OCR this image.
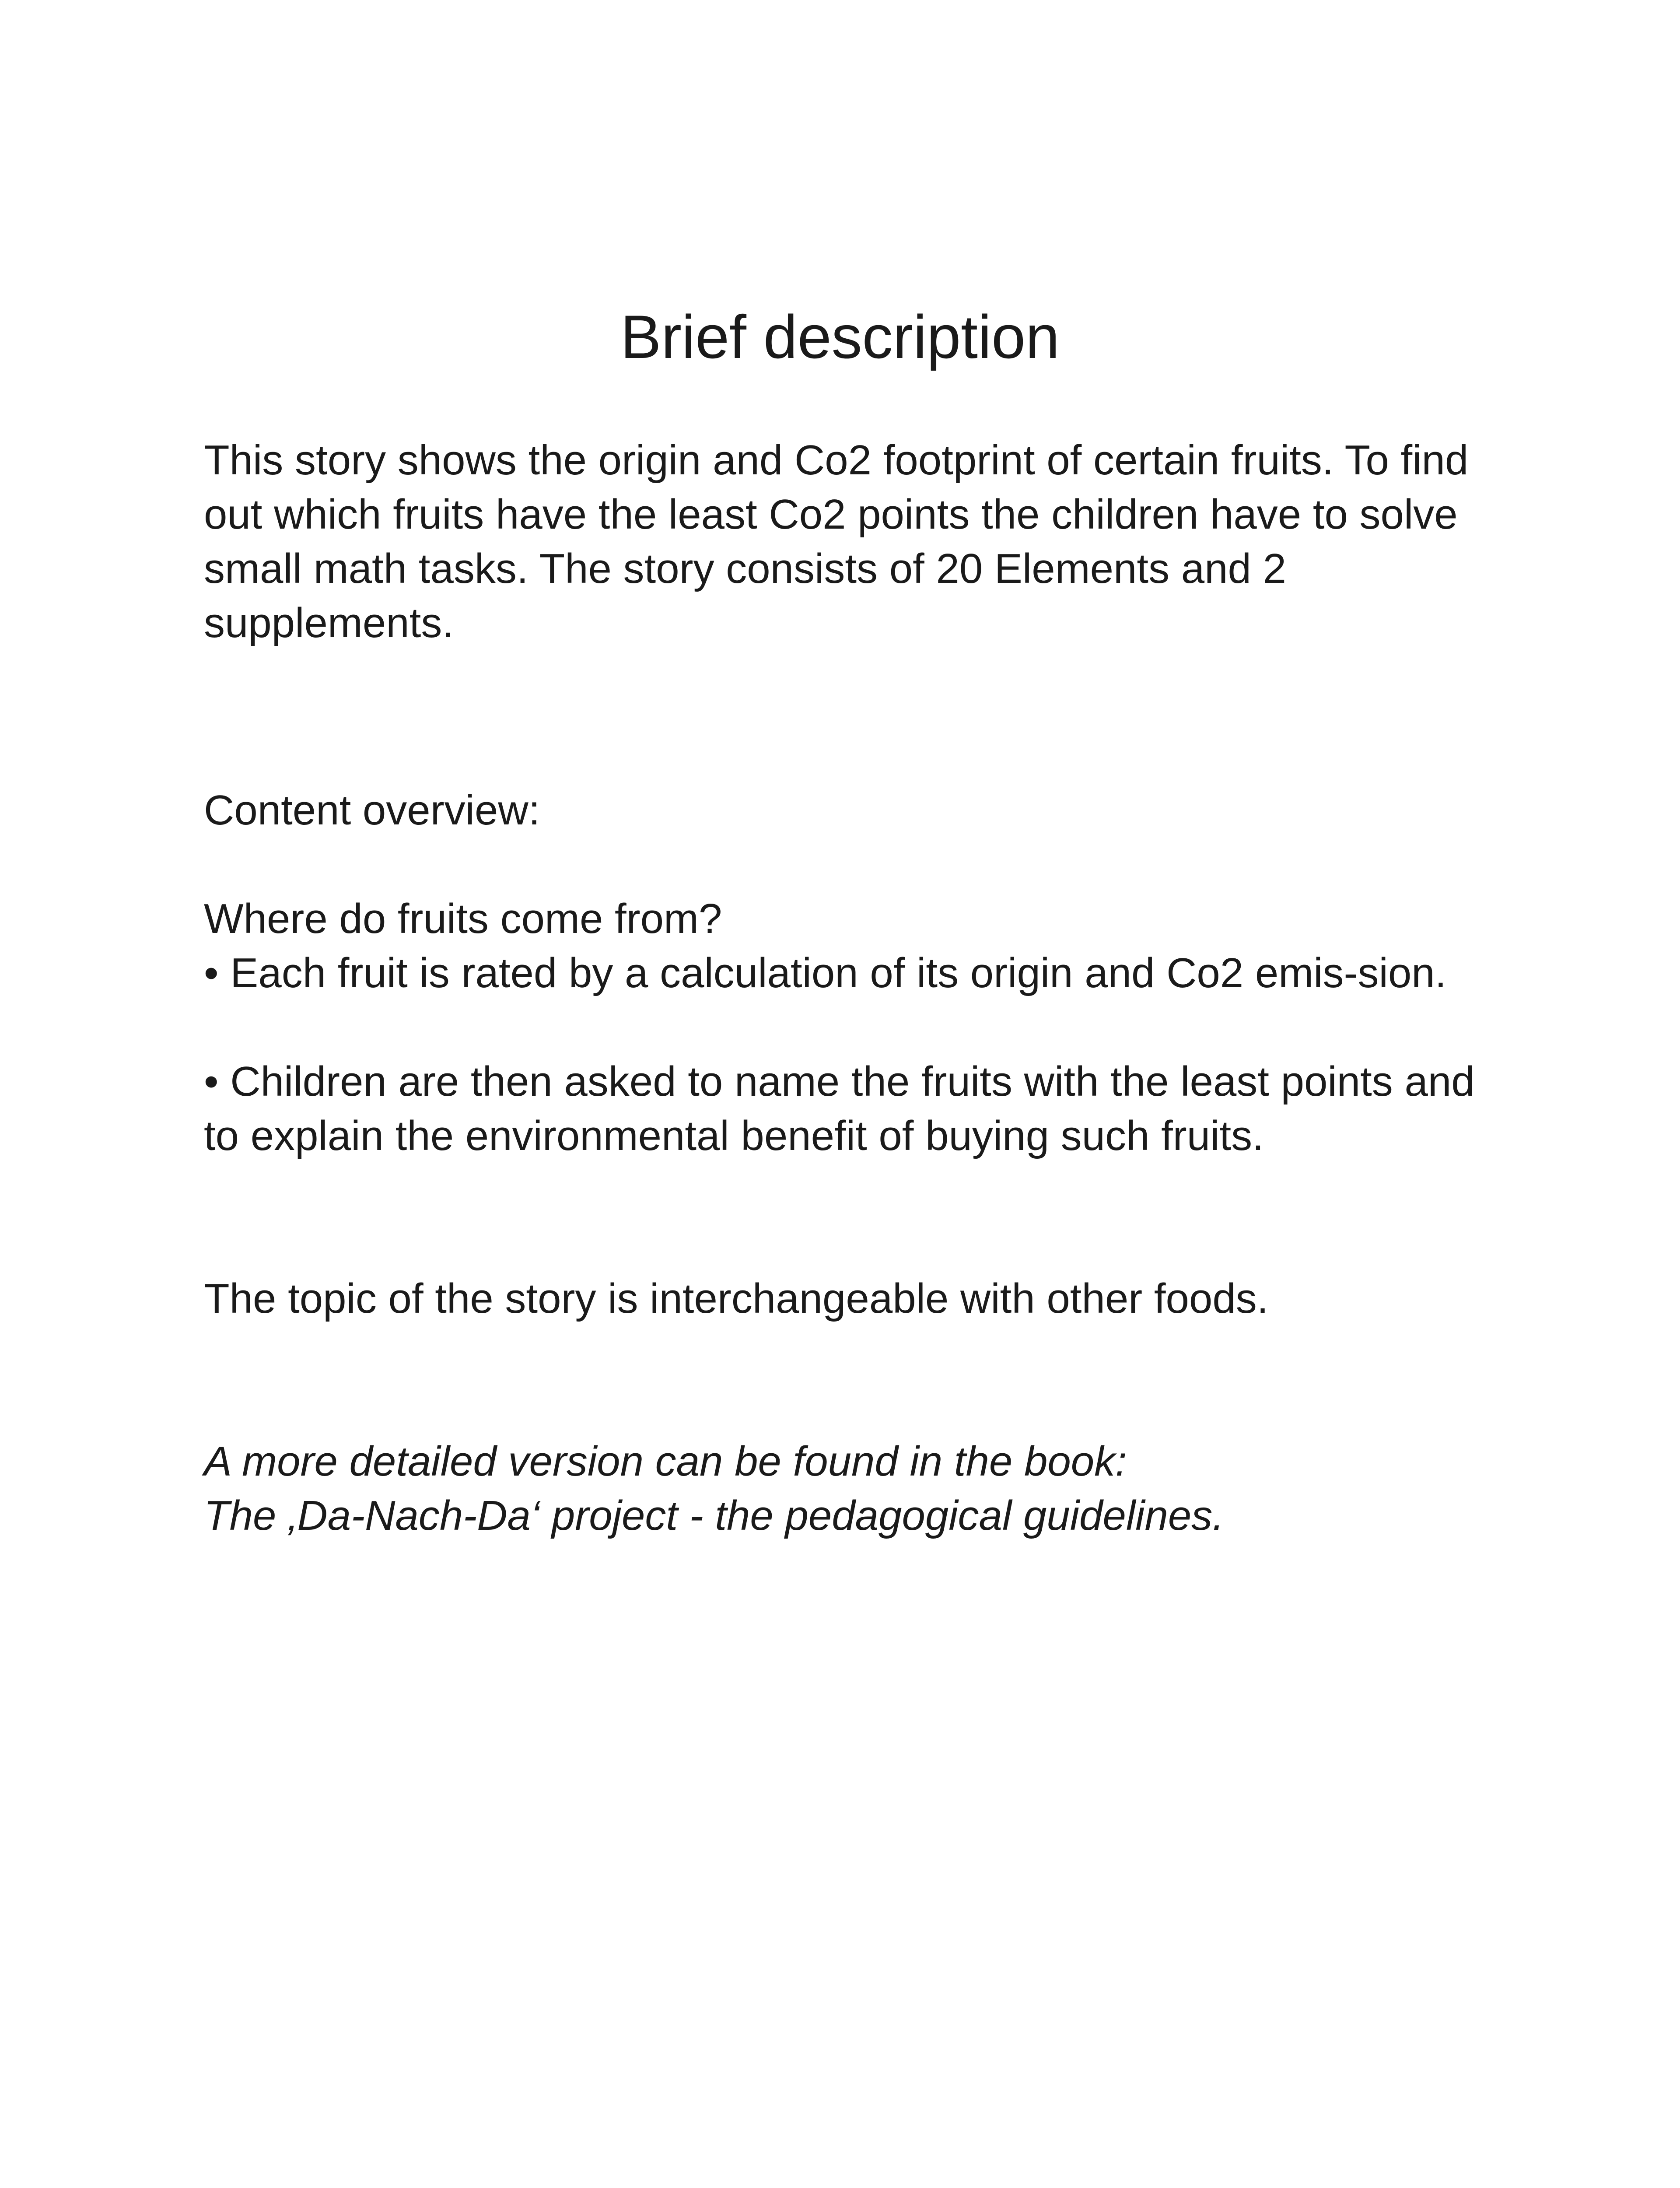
Brief description

This story shows the origin and Co2 footprint of certain fruits. To find out which fruits have the least Co2 points the children have to solve small math tasks. The story consists of 20 Elements and 2 supplements.

Content overview:

Where do fruits come from?

• Each fruit is rated by a calculation of its origin and Co2 emis-sion.

• Children are then asked to name the fruits with the least points and to explain the environmental benefit of buying such fruits.

The topic of the story is interchangeable with other foods.

A more detailed version can be found in the book:

The ‚Da-Nach-Da‘ project - the pedagogical guidelines.
